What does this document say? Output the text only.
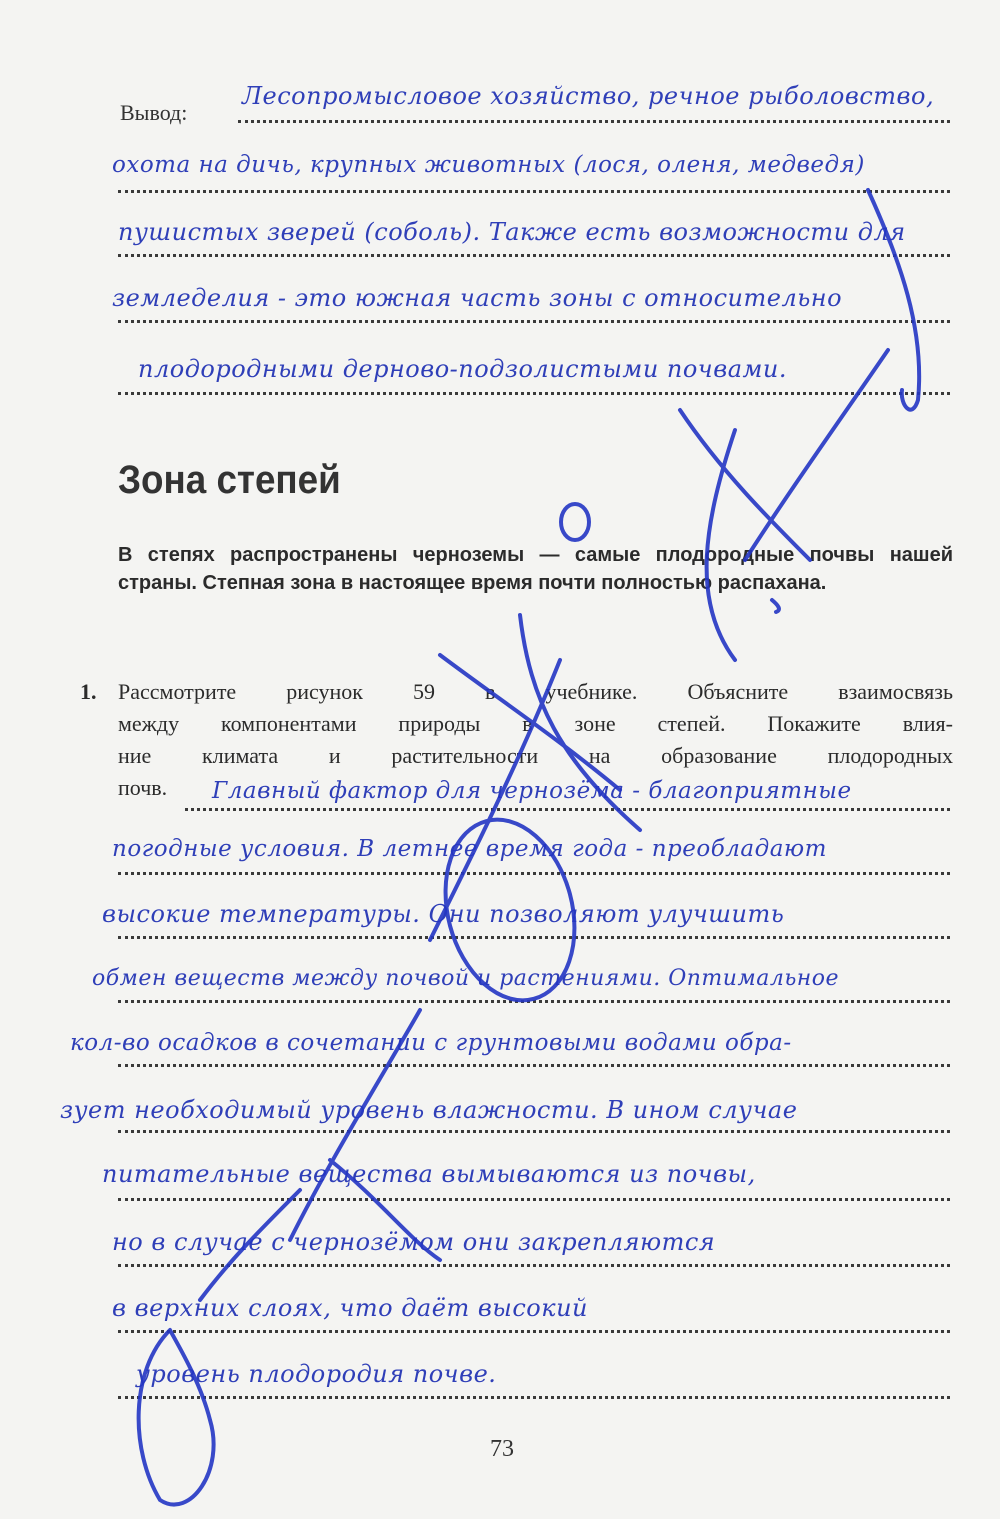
Вывод:
Лесопромысловое хозяйство, речное рыболовство,
охота на дичь, крупных животных (лося, оленя, медведя)
пушистых зверей (соболь). Также есть возможности для
земледелия - это южная часть зоны с относительно
плодородными дерново-подзолистыми почвами.
Зона степей
В степях распространены черноземы — самые плодородные почвы нашей страны. Степная зона в настоящее время почти полностью распахана.
1. Рассмотрите рисунок 59 в учебнике. Объясните взаимосвязь
между компонентами природы в зоне степей. Покажите влия-
ние климата и растительности на образование плодородных
почв.	Главный фактор для чернозёма - благоприятные
погодные условия. В летнее время года - преобладают
высокие температуры. Они позволяют улучшить
обмен веществ между почвой и растениями. Оптимальное
кол-во осадков в сочетании с грунтовыми водами обра-
зует необходимый уровень влажности. В ином случае
питательные вещества вымываются из почвы,
но в случае с чернозёмом они закрепляются
в верхних слоях, что даёт высокий
уровень плодородия почве.
73
